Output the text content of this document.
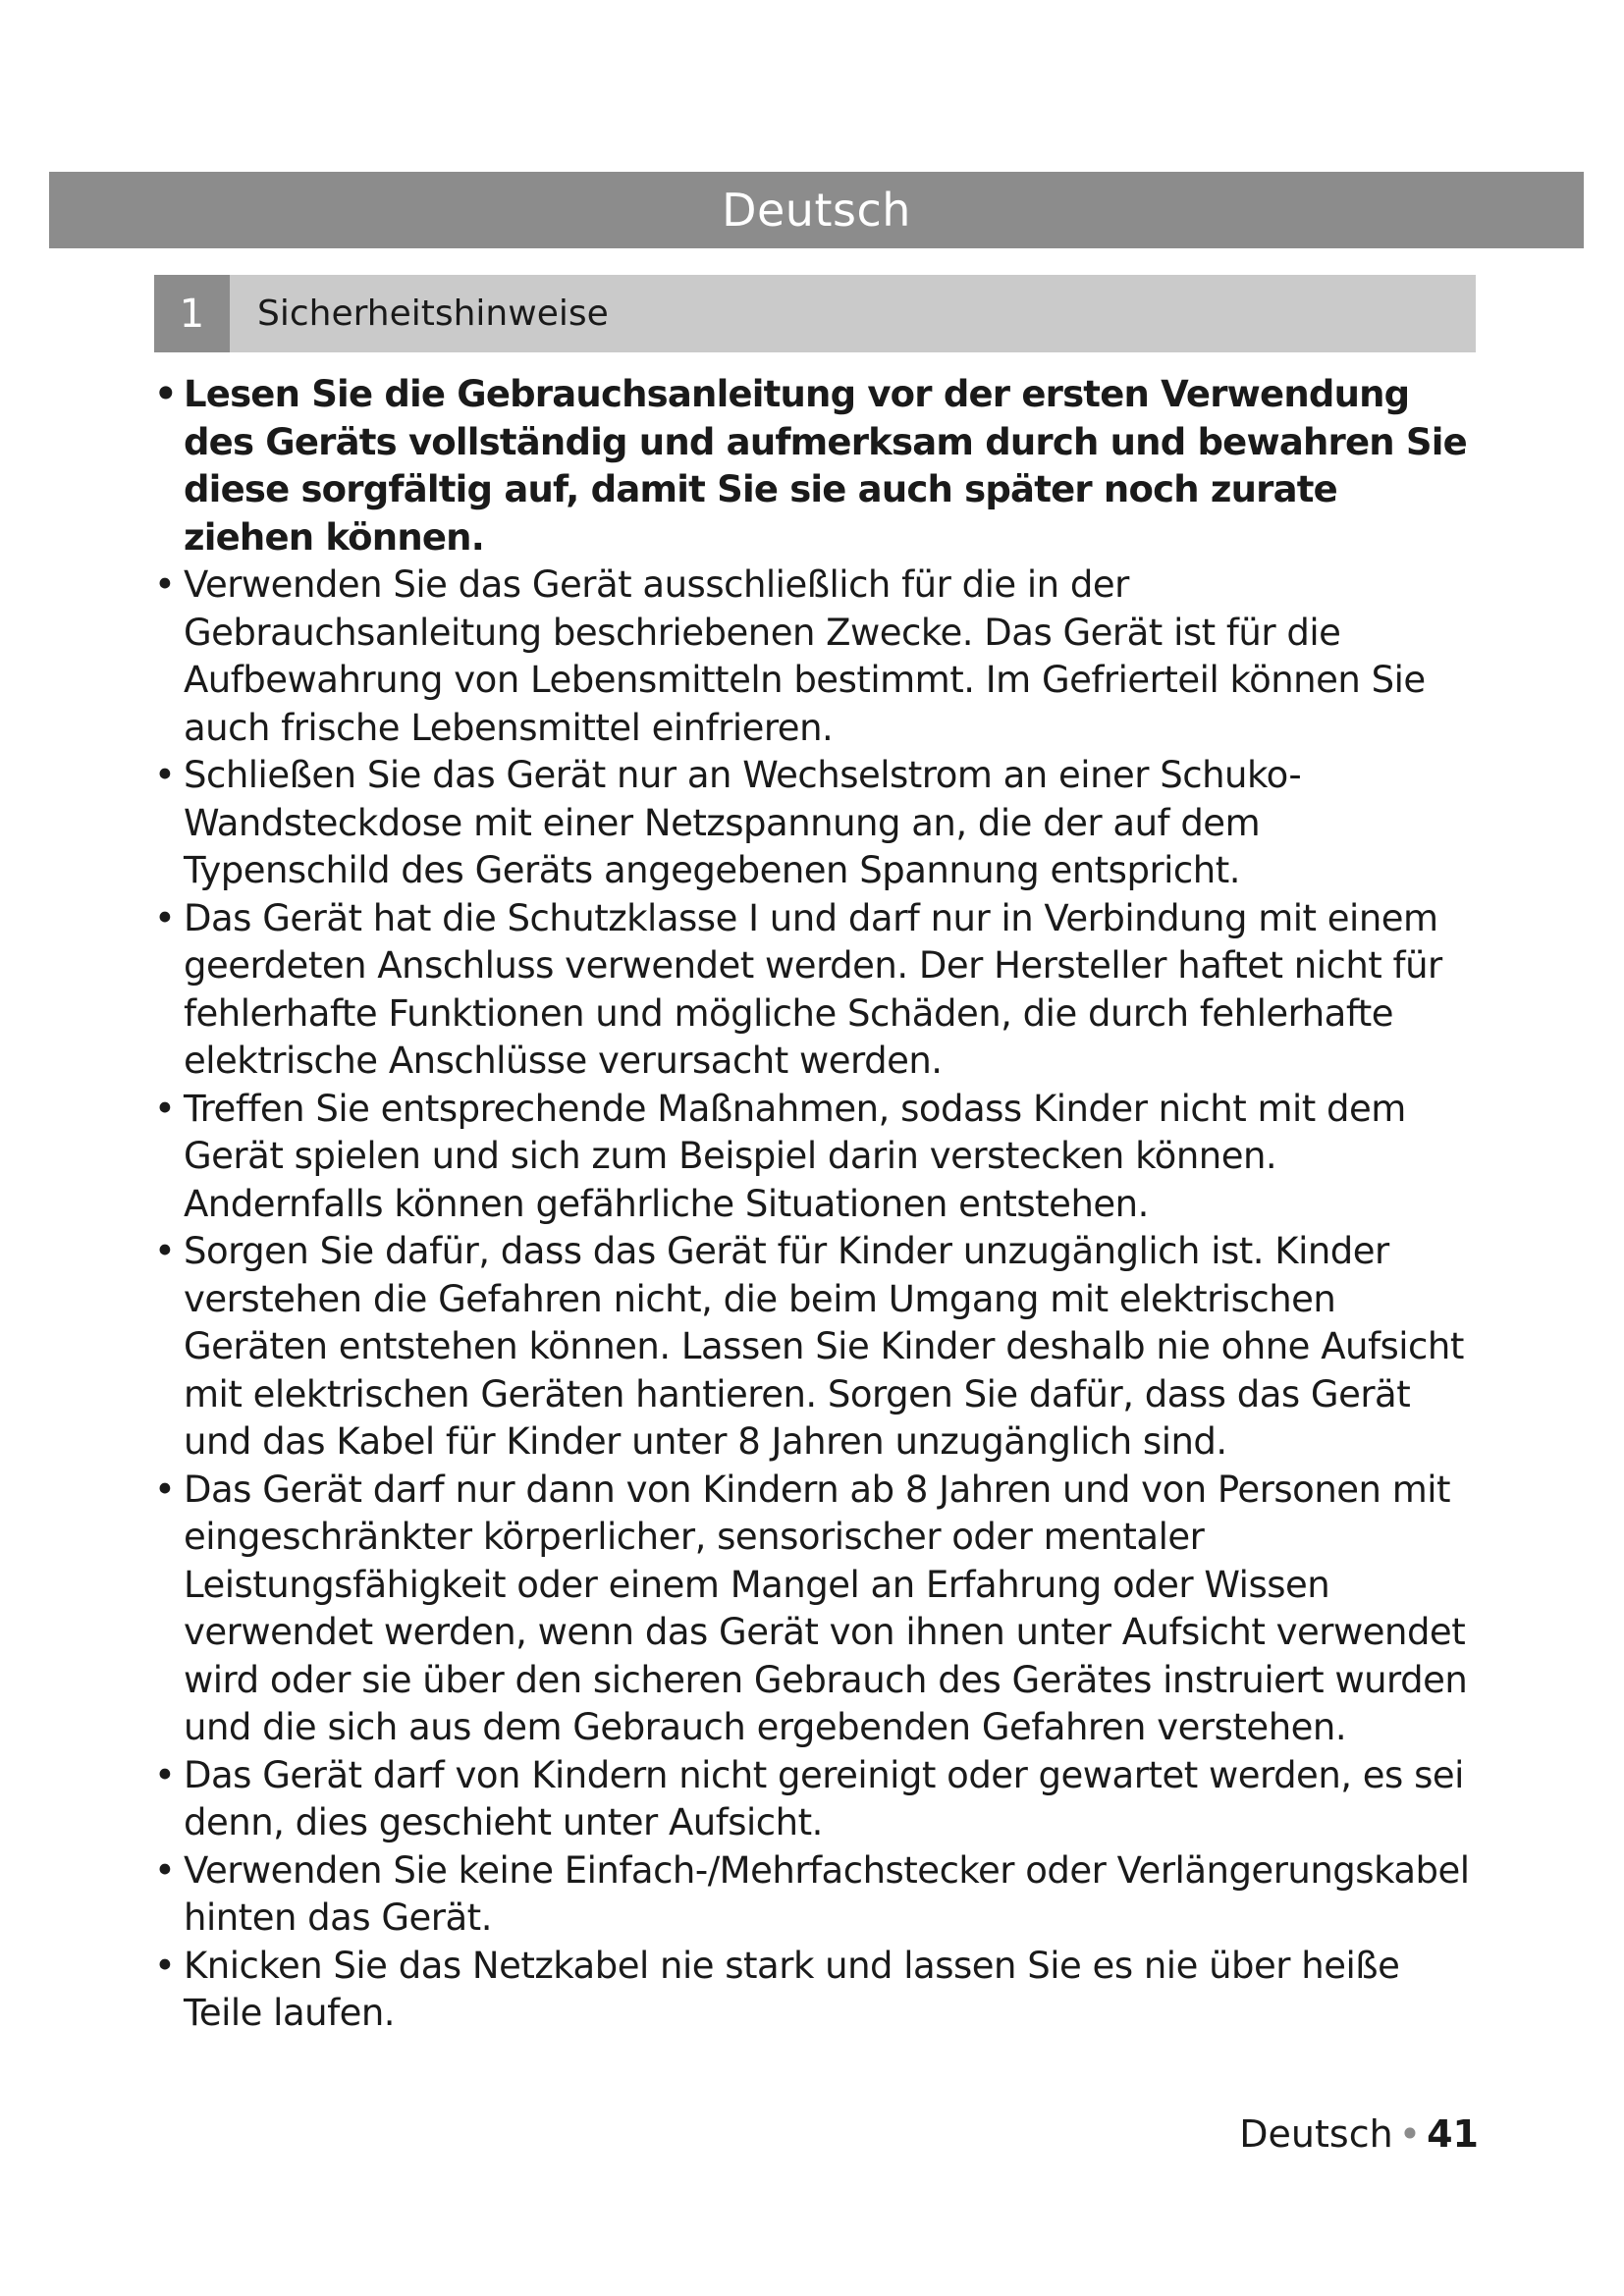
Deutsch
1	Sicherheitshinweise
• Lesen Sie die Gebrauchsanleitung vor der ersten Verwendung des Geräts vollständig und aufmerksam durch und bewahren Sie diese sorgfältig auf, damit Sie sie auch später noch zurate ziehen können.
• Verwenden Sie das Gerät ausschließlich für die in der Gebrauchsanleitung beschriebenen Zwecke. Das Gerät ist für die Aufbewahrung von Lebensmitteln bestimmt. Im Gefrierteil können Sie auch frische Lebensmittel einfrieren.
• Schließen Sie das Gerät nur an Wechselstrom an einer Schuko-Wandsteckdose mit einer Netzspannung an, die der auf dem Typenschild des Geräts angegebenen Spannung entspricht.
• Das Gerät hat die Schutzklasse I und darf nur in Verbindung mit einem geerdeten Anschluss verwendet werden. Der Hersteller haftet nicht für fehlerhafte Funktionen und mögliche Schäden, die durch fehlerhafte elektrische Anschlüsse verursacht werden.
• Treffen Sie entsprechende Maßnahmen, sodass Kinder nicht mit dem Gerät spielen und sich zum Beispiel darin verstecken können. Andernfalls können gefährliche Situationen entstehen.
• Sorgen Sie dafür, dass das Gerät für Kinder unzugänglich ist. Kinder verstehen die Gefahren nicht, die beim Umgang mit elektrischen Geräten entstehen können. Lassen Sie Kinder deshalb nie ohne Aufsicht mit elektrischen Geräten hantieren. Sorgen Sie dafür, dass das Gerät und das Kabel für Kinder unter 8 Jahren unzugänglich sind.
• Das Gerät darf nur dann von Kindern ab 8 Jahren und von Personen mit eingeschränkter körperlicher, sensorischer oder mentaler Leistungsfähigkeit oder einem Mangel an Erfahrung oder Wissen verwendet werden, wenn das Gerät von ihnen unter Aufsicht verwendet wird oder sie über den sicheren Gebrauch des Gerätes instruiert wurden und die sich aus dem Gebrauch ergebenden Gefahren verstehen.
• Das Gerät darf von Kindern nicht gereinigt oder gewartet werden, es sei denn, dies geschieht unter Aufsicht.
• Verwenden Sie keine Einfach-/Mehrfachstecker oder Verlängerungskabel hinten das Gerät.
• Knicken Sie das Netzkabel nie stark und lassen Sie es nie über heiße Teile laufen.
Deutsch • 41
